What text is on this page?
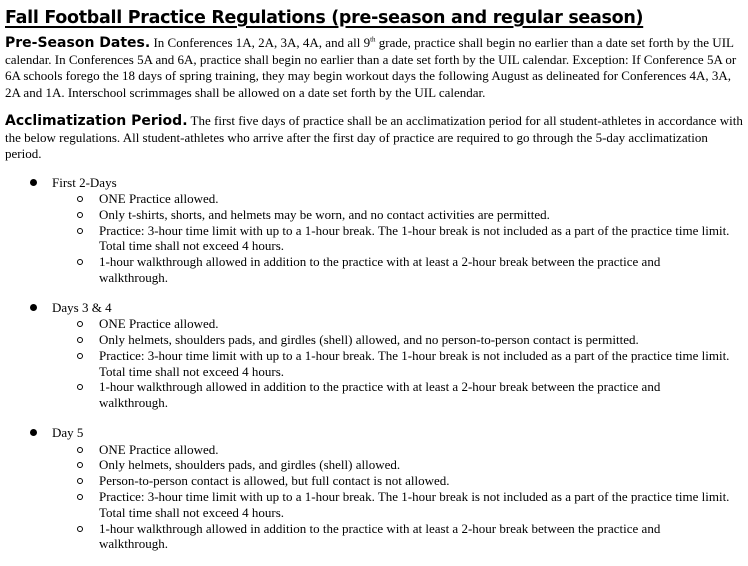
Fall Football Practice Regulations (pre-season and regular season)

Pre-Season Dates. In Conferences 1A, 2A, 3A, 4A, and all 9th grade, practice shall begin no earlier than a date set forth by the UIL calendar. In Conferences 5A and 6A, practice shall begin no earlier than a date set forth by the UIL calendar. Exception: If Conference 5A or 6A schools forego the 18 days of spring training, they may begin workout days the following August as delineated for Conferences 4A, 3A, 2A and 1A. Interschool scrimmages shall be allowed on a date set forth by the UIL calendar.

Acclimatization Period. The first five days of practice shall be an acclimatization period for all student-athletes in accordance with the below regulations. All student-athletes who arrive after the first day of practice are required to go through the 5-day acclimatization period.

First 2-Days
ONE Practice allowed.
Only t-shirts, shorts, and helmets may be worn, and no contact activities are permitted.
Practice: 3-hour time limit with up to a 1-hour break. The 1-hour break is not included as a part of the practice time limit. Total time shall not exceed 4 hours.
1-hour walkthrough allowed in addition to the practice with at least a 2-hour break between the practice and walkthrough.
Days 3 & 4
ONE Practice allowed.
Only helmets, shoulders pads, and girdles (shell) allowed, and no person-to-person contact is permitted.
Practice: 3-hour time limit with up to a 1-hour break. The 1-hour break is not included as a part of the practice time limit. Total time shall not exceed 4 hours.
1-hour walkthrough allowed in addition to the practice with at least a 2-hour break between the practice and walkthrough.
Day 5
ONE Practice allowed.
Only helmets, shoulders pads, and girdles (shell) allowed.
Person-to-person contact is allowed, but full contact is not allowed.
Practice: 3-hour time limit with up to a 1-hour break. The 1-hour break is not included as a part of the practice time limit. Total time shall not exceed 4 hours.
1-hour walkthrough allowed in addition to the practice with at least a 2-hour break between the practice and walkthrough.
